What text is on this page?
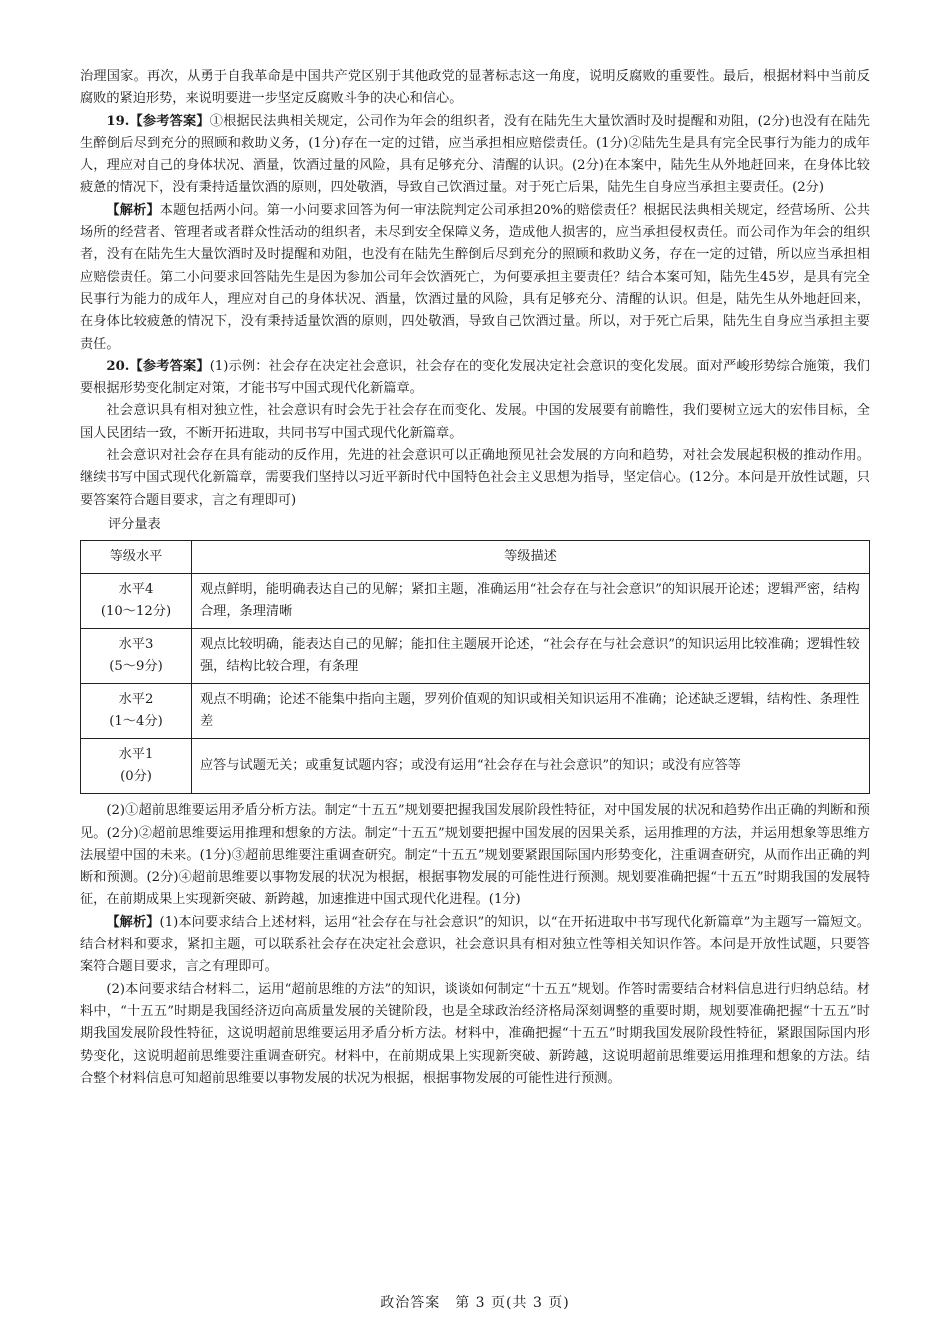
治理国家。再次，从勇于自我革命是中国共产党区别于其他政党的显著标志这一角度，说明反腐败的重要性。最后，根据材料中当前反腐败的紧迫形势，来说明要进一步坚定反腐败斗争的决心和信心。

19.【参考答案】①根据民法典相关规定，公司作为年会的组织者，没有在陆先生大量饮酒时及时提醒和劝阻，(2分)也没有在陆先生醉倒后尽到充分的照顾和救助义务，(1分)存在一定的过错，应当承担相应赔偿责任。(1分)②陆先生是具有完全民事行为能力的成年人，理应对自己的身体状况、酒量，饮酒过量的风险，具有足够充分、清醒的认识。(2分)在本案中，陆先生从外地赶回来，在身体比较疲惫的情况下，没有秉持适量饮酒的原则，四处敬酒，导致自己饮酒过量。对于死亡后果，陆先生自身应当承担主要责任。(2分)

【解析】本题包括两小问。第一小问要求回答为何一审法院判定公司承担20%的赔偿责任？根据民法典相关规定，经营场所、公共场所的经营者、管理者或者群众性活动的组织者，未尽到安全保障义务，造成他人损害的，应当承担侵权责任。而公司作为年会的组织者，没有在陆先生大量饮酒时及时提醒和劝阻，也没有在陆先生醉倒后尽到充分的照顾和救助义务，存在一定的过错，所以应当承担相应赔偿责任。第二小问要求回答陆先生是因为参加公司年会饮酒死亡，为何要承担主要责任？结合本案可知，陆先生45岁，是具有完全民事行为能力的成年人，理应对自己的身体状况、酒量，饮酒过量的风险，具有足够充分、清醒的认识。但是，陆先生从外地赶回来，在身体比较疲惫的情况下，没有秉持适量饮酒的原则，四处敬酒，导致自己饮酒过量。所以，对于死亡后果，陆先生自身应当承担主要责任。

20.【参考答案】(1)示例：社会存在决定社会意识，社会存在的变化发展决定社会意识的变化发展。面对严峻形势综合施策，我们要根据形势变化制定对策，才能书写中国式现代化新篇章。

社会意识具有相对独立性，社会意识有时会先于社会存在而变化、发展。中国的发展要有前瞻性，我们要树立远大的宏伟目标，全国人民团结一致，不断开拓进取，共同书写中国式现代化新篇章。

社会意识对社会存在具有能动的反作用，先进的社会意识可以正确地预见社会发展的方向和趋势，对社会发展起积极的推动作用。继续书写中国式现代化新篇章，需要我们坚持以习近平新时代中国特色社会主义思想为指导，坚定信心。(12分。本问是开放性试题，只要答案符合题目要求，言之有理即可)

评分量表

等级水平	等级描述

水平4
(10～12分)	观点鲜明，能明确表达自己的见解；紧扣主题，准确运用“社会存在与社会意识”的知识展开论述；逻辑严密，结构合理，条理清晰

水平3
(5～9分)	观点比较明确，能表达自己的见解；能扣住主题展开论述，“社会存在与社会意识”的知识运用比较准确；逻辑性较强，结构比较合理，有条理

水平2
(1～4分)	观点不明确；论述不能集中指向主题，罗列价值观的知识或相关知识运用不准确；论述缺乏逻辑，结构性、条理性差

水平1
(0分)	应答与试题无关；或重复试题内容；或没有运用“社会存在与社会意识”的知识；或没有应答等

(2)①超前思维要运用矛盾分析方法。制定“十五五”规划要把握我国发展阶段性特征，对中国发展的状况和趋势作出正确的判断和预见。(2分)②超前思维要运用推理和想象的方法。制定“十五五”规划要把握中国发展的因果关系，运用推理的方法，并运用想象等思维方法展望中国的未来。(1分)③超前思维要注重调查研究。制定“十五五”规划要紧跟国际国内形势变化，注重调查研究，从而作出正确的判断和预测。(2分)④超前思维要以事物发展的状况为根据，根据事物发展的可能性进行预测。规划要准确把握“十五五”时期我国的发展特征，在前期成果上实现新突破、新跨越，加速推进中国式现代化进程。(1分)

【解析】(1)本问要求结合上述材料，运用“社会存在与社会意识”的知识，以“在开拓进取中书写现代化新篇章”为主题写一篇短文。结合材料和要求，紧扣主题，可以联系社会存在决定社会意识，社会意识具有相对独立性等相关知识作答。本问是开放性试题，只要答案符合题目要求，言之有理即可。

(2)本问要求结合材料二，运用“超前思维的方法”的知识，谈谈如何制定“十五五”规划。作答时需要结合材料信息进行归纳总结。材料中，“十五五”时期是我国经济迈向高质量发展的关键阶段，也是全球政治经济格局深刻调整的重要时期，规划要准确把握“十五五”时期我国发展阶段性特征，这说明超前思维要运用矛盾分析方法。材料中，准确把握“十五五”时期我国发展阶段性特征，紧跟国际国内形势变化，这说明超前思维要注重调查研究。材料中，在前期成果上实现新突破、新跨越，这说明超前思维要运用推理和想象的方法。结合整个材料信息可知超前思维要以事物发展的状况为根据，根据事物发展的可能性进行预测。

政治答案　第 3 页(共 3 页)
